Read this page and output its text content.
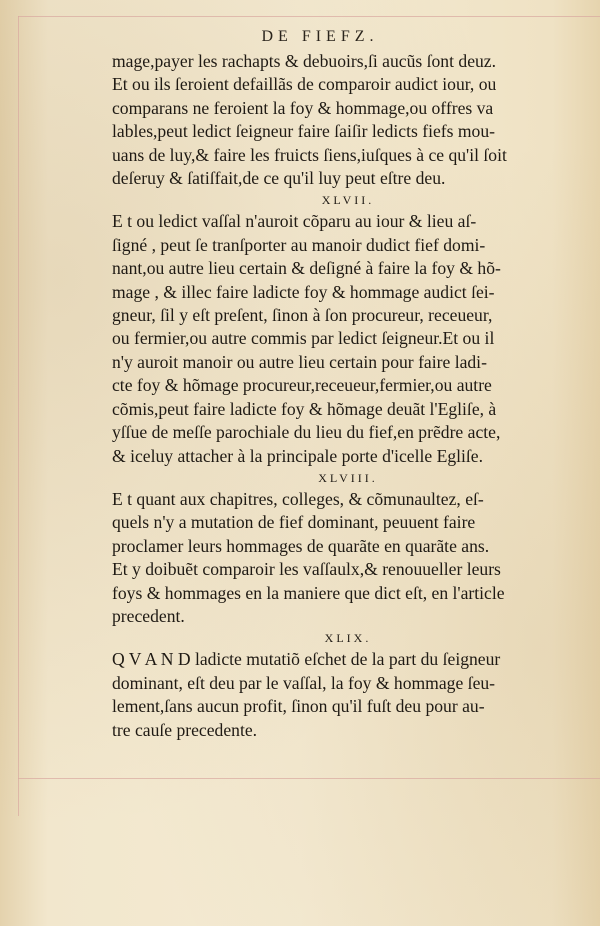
DE FIEFZ.
mage,payer les rachapts & debuoirs,ſi aucũs ſont deuz.
Et ou ils ſeroient defaillãs de comparoir audict iour, ou
comparans ne feroient la foy & hommage,ou offres va
lables,peut ledict ſeigneur faire ſaiſir ledicts fiefs mou-
uans de luy,& faire les fruicts ſiens,iuſques à ce qu'il ſoit
deſeruy & ſatiſfait,de ce qu'il luy peut eſtre deu.
XLVII.
E t ou ledict vaſſal n'auroit cõparu au iour & lieu aſ-
ſigné , peut ſe tranſporter au manoir dudict fief domi-
nant,ou autre lieu certain & deſigné à faire la foy & hõ-
mage , & illec faire ladicte foy & hommage audict ſei-
gneur, ſil y eſt preſent, ſinon à ſon procureur, receueur,
ou fermier,ou autre commis par ledict ſeigneur.Et ou il
n'y auroit manoir ou autre lieu certain pour faire ladi-
cte foy & hõmage procureur,receueur,fermier,ou autre
cõmis,peut faire ladicte foy & hõmage deuãt l'Egliſe, à
yſſue de meſſe parochiale du lieu du fief,en prẽdre acte,
& iceluy attacher à la principale porte d'icelle Egliſe.
XLVIII.
E t quant aux chapitres, colleges, & cõmunaultez, eſ-
quels n'y a mutation de fief dominant, peuuent faire
proclamer leurs hommages de quarãte en quarãte ans.
Et y doibuẽt comparoir les vaſſaulx,& renouueller leurs
foys & hommages en la maniere que dict eſt, en l'article
precedent.
XLIX.
Q V A N D ladicte mutatiõ eſchet de la part du ſeigneur
dominant, eſt deu par le vaſſal, la foy & hommage ſeu-
lement,ſans aucun profit, ſinon qu'il fuſt deu pour au-
tre cauſe precedente.
